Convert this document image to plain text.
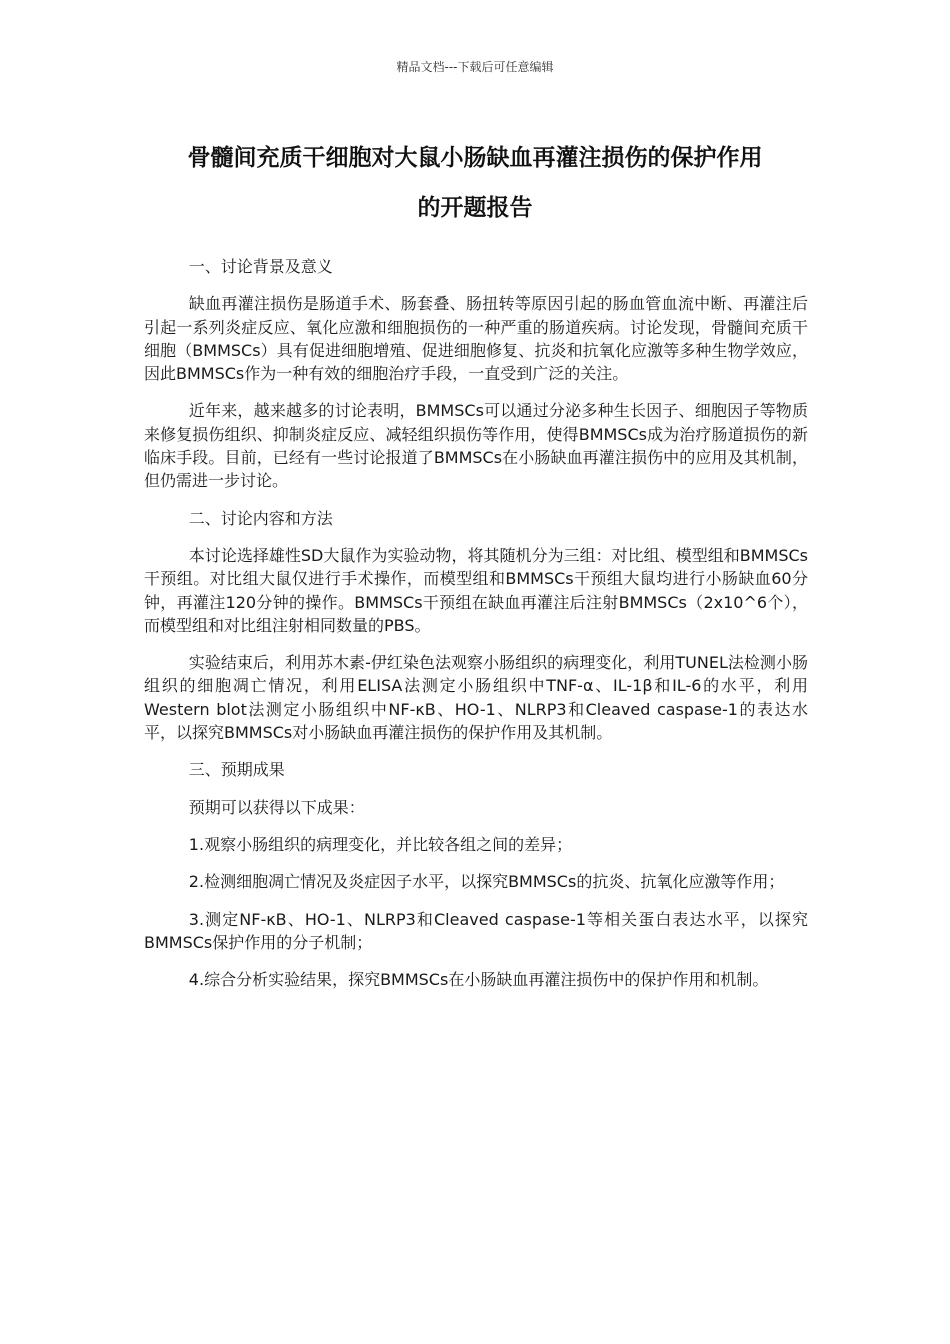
精品文档---下载后可任意编辑
骨髓间充质干细胞对大鼠小肠缺血再灌注损伤的保护作用
的开题报告

一、讨论背景及意义

缺血再灌注损伤是肠道手术、肠套叠、肠扭转等原因引起的肠血管血流中断、再灌注后引起一系列炎症反应、氧化应激和细胞损伤的一种严重的肠道疾病。讨论发现，骨髓间充质干细胞（BMMSCs）具有促进细胞增殖、促进细胞修复、抗炎和抗氧化应激等多种生物学效应，因此BMMSCs作为一种有效的细胞治疗手段，一直受到广泛的关注。

近年来，越来越多的讨论表明，BMMSCs可以通过分泌多种生长因子、细胞因子等物质来修复损伤组织、抑制炎症反应、减轻组织损伤等作用，使得BMMSCs成为治疗肠道损伤的新临床手段。目前，已经有一些讨论报道了BMMSCs在小肠缺血再灌注损伤中的应用及其机制，但仍需进一步讨论。

二、讨论内容和方法

本讨论选择雄性SD大鼠作为实验动物，将其随机分为三组：对比组、模型组和BMMSCs干预组。对比组大鼠仅进行手术操作，而模型组和BMMSCs干预组大鼠均进行小肠缺血60分钟，再灌注120分钟的操作。BMMSCs干预组在缺血再灌注后注射BMMSCs（2x10^6个），而模型组和对比组注射相同数量的PBS。

实验结束后，利用苏木素-伊红染色法观察小肠组织的病理变化，利用TUNEL法检测小肠组织的细胞凋亡情况，利用ELISA法测定小肠组织中TNF-α、IL-1β和IL-6的水平，利用Western blot法测定小肠组织中NF-κB、HO-1、NLRP3和Cleaved caspase-1的表达水平，以探究BMMSCs对小肠缺血再灌注损伤的保护作用及其机制。

三、预期成果

预期可以获得以下成果：

1.观察小肠组织的病理变化，并比较各组之间的差异；

2.检测细胞凋亡情况及炎症因子水平，以探究BMMSCs的抗炎、抗氧化应激等作用；

3.测定NF-κB、HO-1、NLRP3和Cleaved caspase-1等相关蛋白表达水平，以探究BMMSCs保护作用的分子机制；

4.综合分析实验结果，探究BMMSCs在小肠缺血再灌注损伤中的保护作用和机制。
